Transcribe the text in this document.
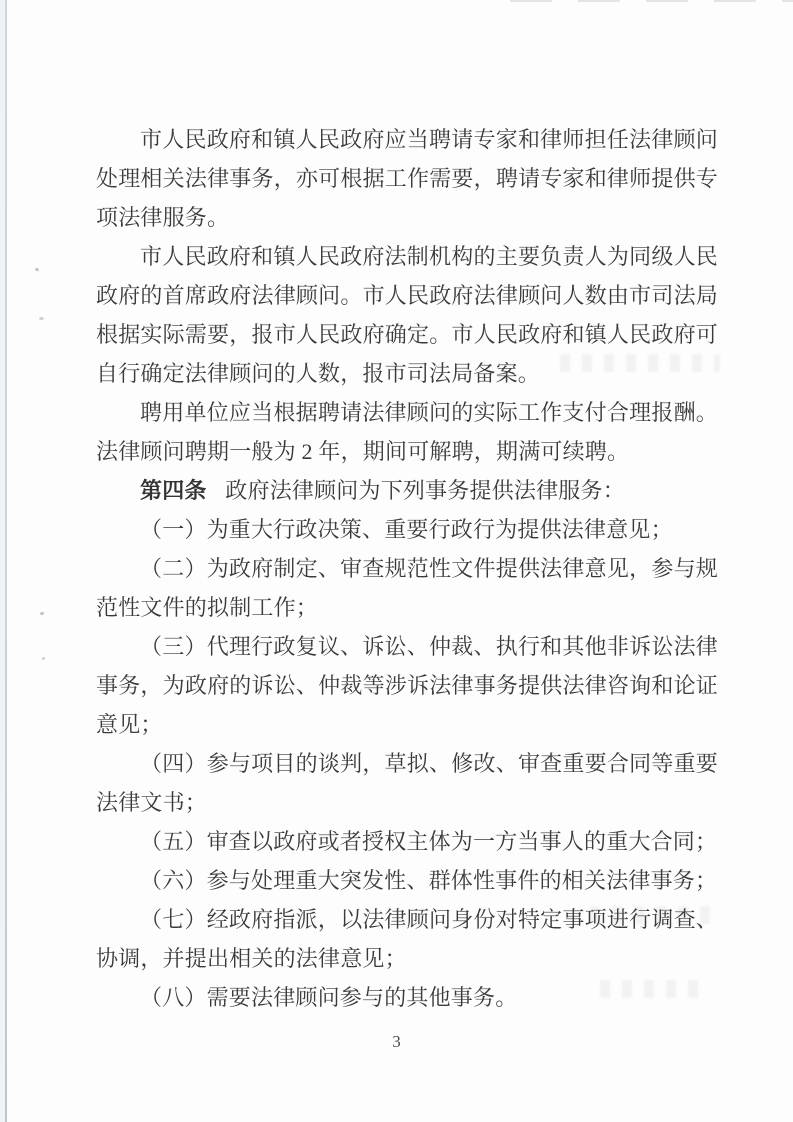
市人民政府和镇人民政府应当聘请专家和律师担任法律顾问处理相关法律事务，亦可根据工作需要，聘请专家和律师提供专项法律服务。

市人民政府和镇人民政府法制机构的主要负责人为同级人民政府的首席政府法律顾问。市人民政府法律顾问人数由市司法局根据实际需要，报市人民政府确定。市人民政府和镇人民政府可自行确定法律顾问的人数，报市司法局备案。

聘用单位应当根据聘请法律顾问的实际工作支付合理报酬。法律顾问聘期一般为 2 年，期间可解聘，期满可续聘。

第四条 政府法律顾问为下列事务提供法律服务：

（一）为重大行政决策、重要行政行为提供法律意见；

（二）为政府制定、审查规范性文件提供法律意见，参与规范性文件的拟制工作；

（三）代理行政复议、诉讼、仲裁、执行和其他非诉讼法律事务，为政府的诉讼、仲裁等涉诉法律事务提供法律咨询和论证意见；

（四）参与项目的谈判，草拟、修改、审查重要合同等重要法律文书；

（五）审查以政府或者授权主体为一方当事人的重大合同；

（六）参与处理重大突发性、群体性事件的相关法律事务；

（七）经政府指派，以法律顾问身份对特定事项进行调查、协调，并提出相关的法律意见；

（八）需要法律顾问参与的其他事务。

3
